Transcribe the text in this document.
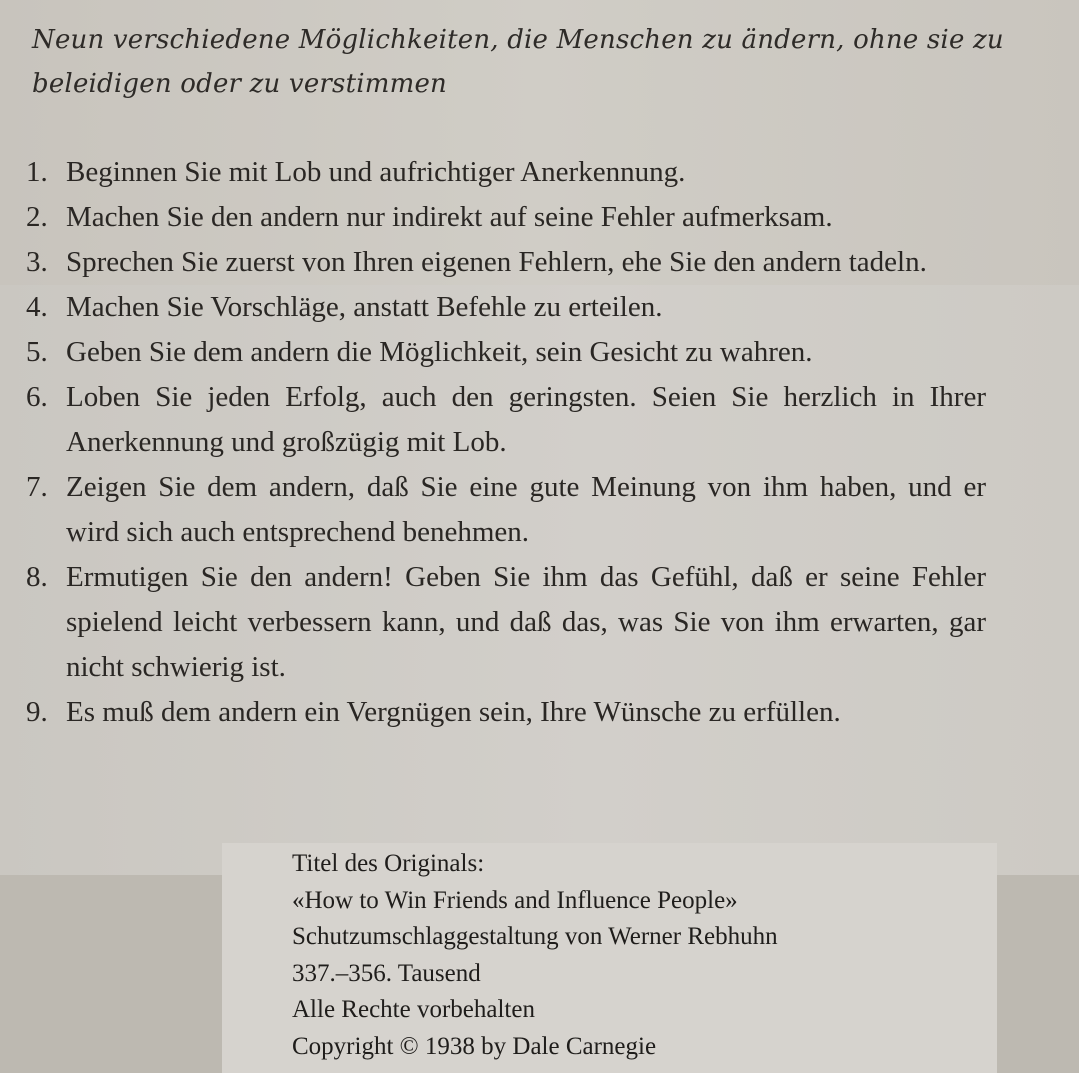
Neun verschiedene Möglichkeiten, die Menschen zu ändern, ohne sie zu beleidigen oder zu verstimmen

1. Beginnen Sie mit Lob und aufrichtiger Anerkennung.
2. Machen Sie den andern nur indirekt auf seine Fehler aufmerksam.
3. Sprechen Sie zuerst von Ihren eigenen Fehlern, ehe Sie den andern tadeln.
4. Machen Sie Vorschläge, anstatt Befehle zu erteilen.
5. Geben Sie dem andern die Möglichkeit, sein Gesicht zu wahren.
6. Loben Sie jeden Erfolg, auch den geringsten. Seien Sie herzlich in Ihrer Anerkennung und großzügig mit Lob.
7. Zeigen Sie dem andern, daß Sie eine gute Meinung von ihm haben, und er wird sich auch entsprechend benehmen.
8. Ermutigen Sie den andern! Geben Sie ihm das Gefühl, daß er seine Fehler spielend leicht verbessern kann, und daß das, was Sie von ihm erwarten, gar nicht schwierig ist.
9. Es muß dem andern ein Vergnügen sein, Ihre Wünsche zu erfüllen.
Titel des Originals:
«How to Win Friends and Influence People»
Schutzumschlaggestaltung von Werner Rebhuhn
337.–356. Tausend
Alle Rechte vorbehalten
Copyright © 1938 by Dale Carnegie
